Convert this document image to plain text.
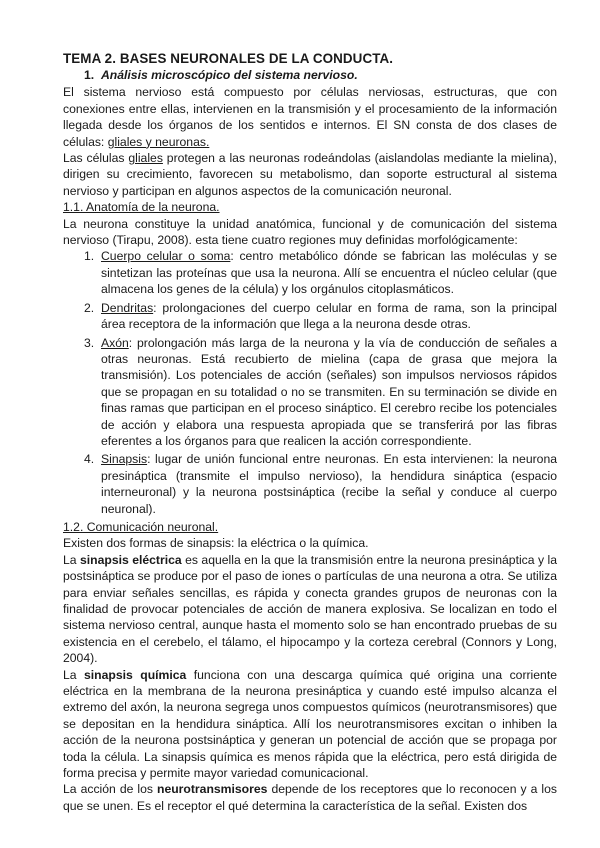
TEMA 2. BASES NEURONALES DE LA CONDUCTA.
1. Análisis microscópico del sistema nervioso.

El sistema nervioso está compuesto por células nerviosas, estructuras, que con conexiones entre ellas, intervienen en la transmisión y el procesamiento de la información llegada desde los órganos de los sentidos e internos. El SN consta de dos clases de células: gliales y neuronas.

Las células gliales protegen a las neuronas rodeándolas (aislandolas mediante la mielina), dirigen su crecimiento, favorecen su metabolismo, dan soporte estructural al sistema nervioso y participan en algunos aspectos de la comunicación neuronal.

1.1. Anatomía de la neurona.

La neurona constituye la unidad anatómica, funcional y de comunicación del sistema nervioso (Tirapu, 2008). esta tiene cuatro regiones muy definidas morfológicamente:

1. Cuerpo celular o soma: centro metabólico dónde se fabrican las moléculas y se sintetizan las proteínas que usa la neurona. Allí se encuentra el núcleo celular (que almacena los genes de la célula) y los orgánulos citoplasmáticos.
2. Dendritas: prolongaciones del cuerpo celular en forma de rama, son la principal área receptora de la información que llega a la neurona desde otras.
3. Axón: prolongación más larga de la neurona y la vía de conducción de señales a otras neuronas. Está recubierto de mielina (capa de grasa que mejora la transmisión). Los potenciales de acción (señales) son impulsos nerviosos rápidos que se propagan en su totalidad o no se transmiten. En su terminación se divide en finas ramas que participan en el proceso sináptico. El cerebro recibe los potenciales de acción y elabora una respuesta apropiada que se transferirá por las fibras eferentes a los órganos para que realicen la acción correspondiente.
4. Sinapsis: lugar de unión funcional entre neuronas. En esta intervienen: la neurona presináptica (transmite el impulso nervioso), la hendidura sináptica (espacio interneuronal) y la neurona postsináptica (recibe la señal y conduce al cuerpo neuronal).

1.2. Comunicación neuronal.

Existen dos formas de sinapsis: la eléctrica o la química.

La sinapsis eléctrica es aquella en la que la transmisión entre la neurona presináptica y la postsináptica se produce por el paso de iones o partículas de una neurona a otra. Se utiliza para enviar señales sencillas, es rápida y conecta grandes grupos de neuronas con la finalidad de provocar potenciales de acción de manera explosiva. Se localizan en todo el sistema nervioso central, aunque hasta el momento solo se han encontrado pruebas de su existencia en el cerebelo, el tálamo, el hipocampo y la corteza cerebral (Connors y Long, 2004).

La sinapsis química funciona con una descarga química qué origina una corriente eléctrica en la membrana de la neurona presináptica y cuando esté impulso alcanza el extremo del axón, la neurona segrega unos compuestos químicos (neurotransmisores) que se depositan en la hendidura sináptica. Allí los neurotransmisores excitan o inhiben la acción de la neurona postsináptica y generan un potencial de acción que se propaga por toda la célula. La sinapsis química es menos rápida que la eléctrica, pero está dirigida de forma precisa y permite mayor variedad comunicacional.

La acción de los neurotransmisores depende de los receptores que lo reconocen y a los que se unen. Es el receptor el qué determina la característica de la señal. Existen dos
